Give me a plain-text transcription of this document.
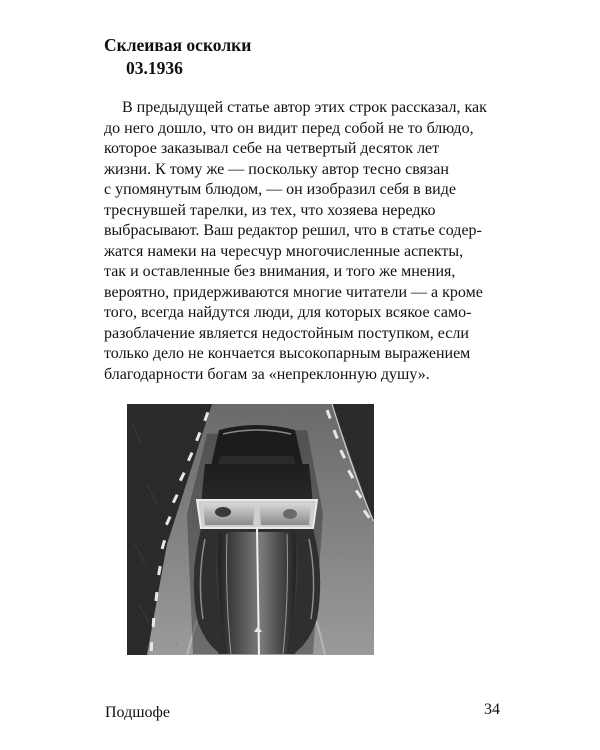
Склеивая осколки
03.1936
В предыдущей статье автор этих строк рассказал, как
до него дошло, что он видит перед собой не то блюдо,
которое заказывал себе на четвертый десяток лет
жизни. К тому же — поскольку автор тесно связан
с упомянутым блюдом, — он изобразил себя в виде
треснувшей тарелки, из тех, что хозяева нередко
выбрасывают. Ваш редактор решил, что в статье содер-
жатся намеки на чересчур многочисленные аспекты,
так и оставленные без внимания, и того же мнения,
вероятно, придерживаются многие читатели — а кроме
того, всегда найдутся люди, для которых всякое само-
разоблачение является недостойным поступком, если
только дело не кончается высокопарным выражением
благодарности богам за «непреклонную душу».
Подшофе	34
